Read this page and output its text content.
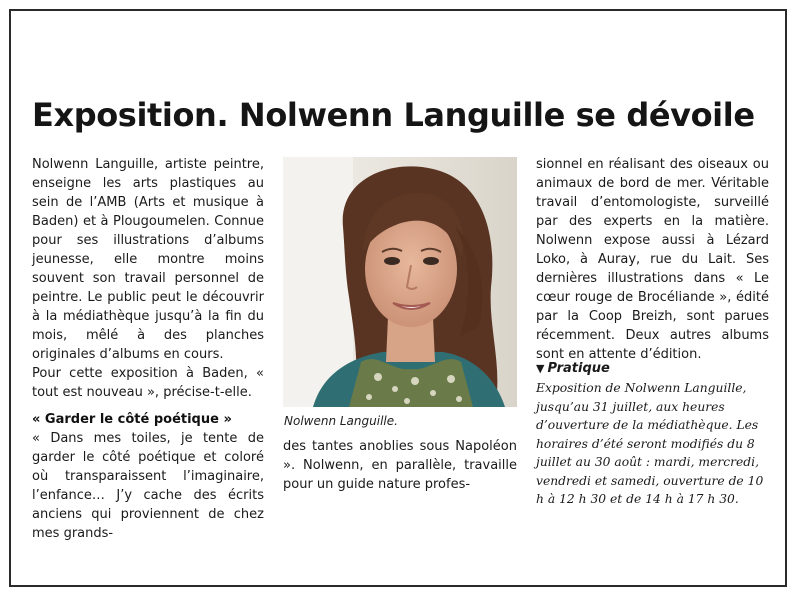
Exposition. Nolwenn Languille se dévoile

Nolwenn Languille, artiste peintre, enseigne les arts plastiques au sein de l’AMB (Arts et musique à Baden) et à Plougoumelen. Connue pour ses illustrations d’albums jeunesse, elle montre moins souvent son travail personnel de peintre. Le public peut le découvrir à la médiathèque jusqu’à la fin du mois, mêlé à des planches originales d’albums en cours.

Pour cette exposition à Baden, « tout est nouveau », précise-t-elle.

« Garder le côté poétique »

« Dans mes toiles, je tente de garder le côté poétique et coloré où transparaissent l’imaginaire, l’enfance… J’y cache des écrits anciens qui proviennent de chez mes grands-

Nolwenn Languille.

des tantes anoblies sous Napoléon ». Nolwenn, en parallèle, travaille pour un guide nature profes-

sionnel en réalisant des oiseaux ou animaux de bord de mer. Véritable travail d’entomologiste, surveillé par des experts en la matière. Nolwenn expose aussi à Lézard Loko, à Auray, rue du Lait. Ses dernières illustrations dans « Le cœur rouge de Brocéliande », édité par la Coop Breizh, sont parues récemment. Deux autres albums sont en attente d’édition.

▼ Pratique

Exposition de Nolwenn Languille, jusqu’au 31 juillet, aux heures d’ouverture de la médiathèque. Les horaires d’été seront modifiés du 8 juillet au 30 août : mardi, mercredi, vendredi et samedi, ouverture de 10 h à 12 h 30 et de 14 h à 17 h 30.
